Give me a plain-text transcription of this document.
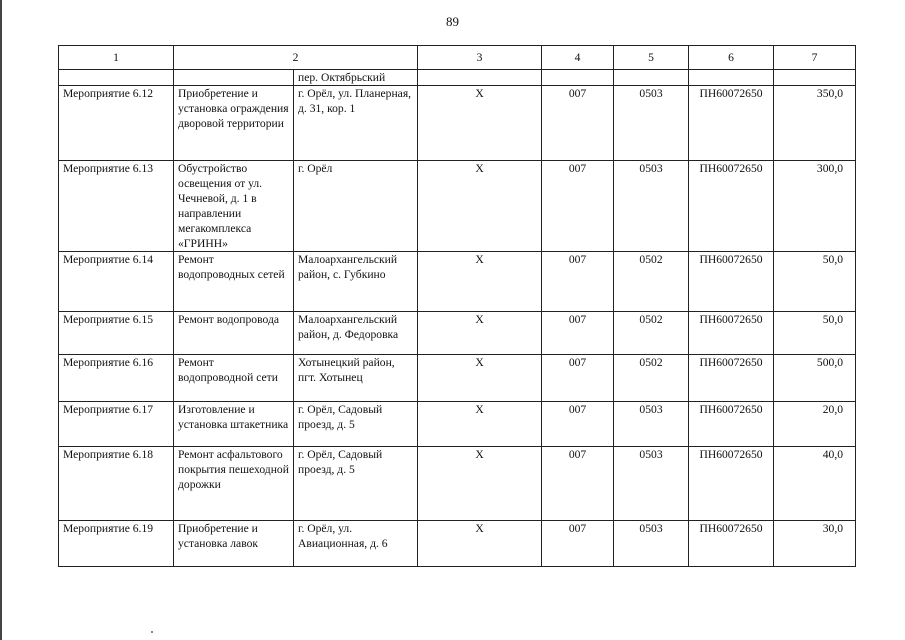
89
1	2		3	4	5	6	7
		пер. Октябрьский					
Мероприятие 6.12	Приобретение и установка ограждения дворовой территории	г. Орёл, ул. Планерная, д. 31, кор. 1	Х	007	0503	ПН60072650	350,0
Мероприятие 6.13	Обустройство освещения от ул. Чечневой, д. 1 в направлении мегакомплекса «ГРИНН»	г. Орёл	Х	007	0503	ПН60072650	300,0
Мероприятие 6.14	Ремонт водопроводных сетей	Малоархангельский район, с. Губкино	Х	007	0502	ПН60072650	50,0
Мероприятие 6.15	Ремонт водопровода	Малоархангельский район, д. Федоровка	Х	007	0502	ПН60072650	50,0
Мероприятие 6.16	Ремонт водопроводной сети	Хотынецкий район, пгт. Хотынец	Х	007	0502	ПН60072650	500,0
Мероприятие 6.17	Изготовление и установка штакетника	г. Орёл, Садовый проезд, д. 5	Х	007	0503	ПН60072650	20,0
Мероприятие 6.18	Ремонт асфальтового покрытия пешеходной дорожки	г. Орёл, Садовый проезд, д. 5	Х	007	0503	ПН60072650	40,0
Мероприятие 6.19	Приобретение и установка лавок	г. Орёл, ул. Авиационная, д. 6	Х	007	0503	ПН60072650	30,0
